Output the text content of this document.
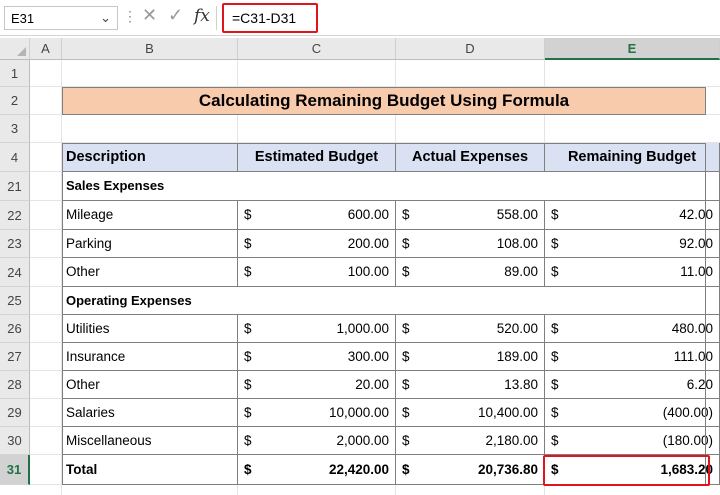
E31	⌄ ⋮ ✕ ✓ fx =C31-D31
A	B	C	D	E
1
2
3
4
21
22
23
24
25
26
27
28
29
30
31
Calculating Remaining Budget Using Formula
Description	Estimated Budget	Actual Expenses	Remaining Budget
Sales Expenses
Mileage	$	600.00 $	558.00 $	42.00
Parking	$	200.00 $	108.00 $	92.00
Other	$	100.00 $	89.00 $	11.00
Operating Expenses
Utilities	$	1,000.00 $	520.00 $	480.00
Insurance	$	300.00 $	189.00 $	111.00
Other	$	20.00 $	13.80 $	6.20
Salaries	$	10,000.00 $	10,400.00 $	(400.00)
Miscellaneous	$	2,000.00 $	2,180.00 $	(180.00)
Total	$	22,420.00 $	20,736.80 $	1,683.20
